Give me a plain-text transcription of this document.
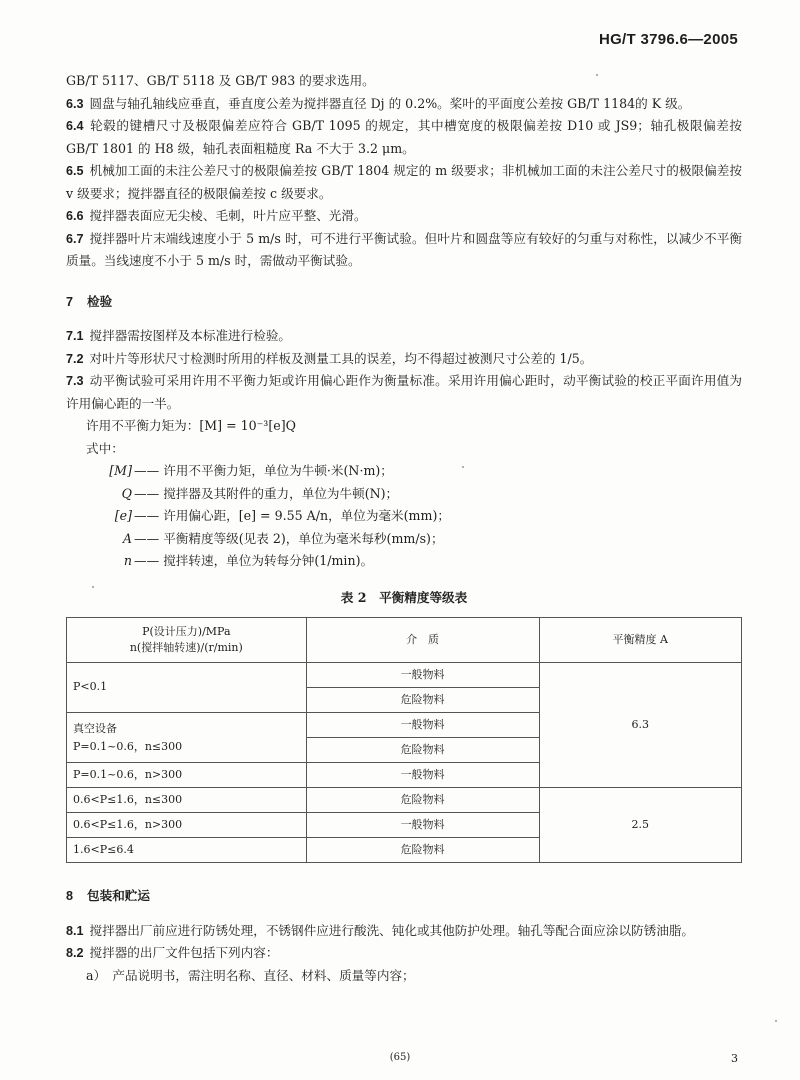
HG/T 3796.6—2005

GB/T 5117、GB/T 5118 及 GB/T 983 的要求选用。

6.3 圆盘与轴孔轴线应垂直，垂直度公差为搅拌器直径 Dj 的 0.2%。桨叶的平面度公差按 GB/T 1184的 K 级。

6.4 轮毂的键槽尺寸及极限偏差应符合 GB/T 1095 的规定，其中槽宽度的极限偏差按 D10 或 JS9；轴孔极限偏差按 GB/T 1801 的 H8 级，轴孔表面粗糙度 Ra 不大于 3.2 μm。

6.5 机械加工面的未注公差尺寸的极限偏差按 GB/T 1804 规定的 m 级要求；非机械加工面的未注公差尺寸的极限偏差按 v 级要求；搅拌器直径的极限偏差按 c 级要求。

6.6 搅拌器表面应无尖棱、毛刺，叶片应平整、光滑。

6.7 搅拌器叶片末端线速度小于 5 m/s 时，可不进行平衡试验。但叶片和圆盘等应有较好的匀重与对称性，以减少不平衡质量。当线速度不小于 5 m/s 时，需做动平衡试验。

7 检验

7.1 搅拌器需按图样及本标准进行检验。

7.2 对叶片等形状尺寸检测时所用的样板及测量工具的误差，均不得超过被测尺寸公差的 1/5。

7.3 动平衡试验可采用许用不平衡力矩或许用偏心距作为衡量标准。采用许用偏心距时，动平衡试验的校正平面许用值为许用偏心距的一半。

许用不平衡力矩为：[M] = 10⁻³[e]Q

式中：

[M] —— 许用不平衡力矩，单位为牛顿·米(N·m)；
Q —— 搅拌器及其附件的重力，单位为牛顿(N)；
[e] —— 许用偏心距，[e] = 9.55 A/n，单位为毫米(mm)；
A —— 平衡精度等级(见表 2)，单位为毫米每秒(mm/s)；
n —— 搅拌转速，单位为转每分钟(1/min)。
表 2　平衡精度等级表
P(设计压力)/MPa
n(搅拌轴转速)/(r/min)	介　质	平衡精度 A
P<0.1	一般物料	6.3
	危险物料	

真空设备
P=0.1~0.6，n≤300	一般物料	
	危险物料	
P=0.1~0.6，n>300	一般物料	
0.6<P≤1.6，n≤300	危险物料	2.5
0.6<P≤1.6，n>300	一般物料	
1.6<P≤6.4	危险物料	

8 包装和贮运

8.1 搅拌器出厂前应进行防锈处理，不锈钢件应进行酸洗、钝化或其他防护处理。轴孔等配合面应涂以防锈油脂。

8.2 搅拌器的出厂文件包括下列内容：

a）　产品说明书，需注明名称、直径、材料、质量等内容；

(65)	3
